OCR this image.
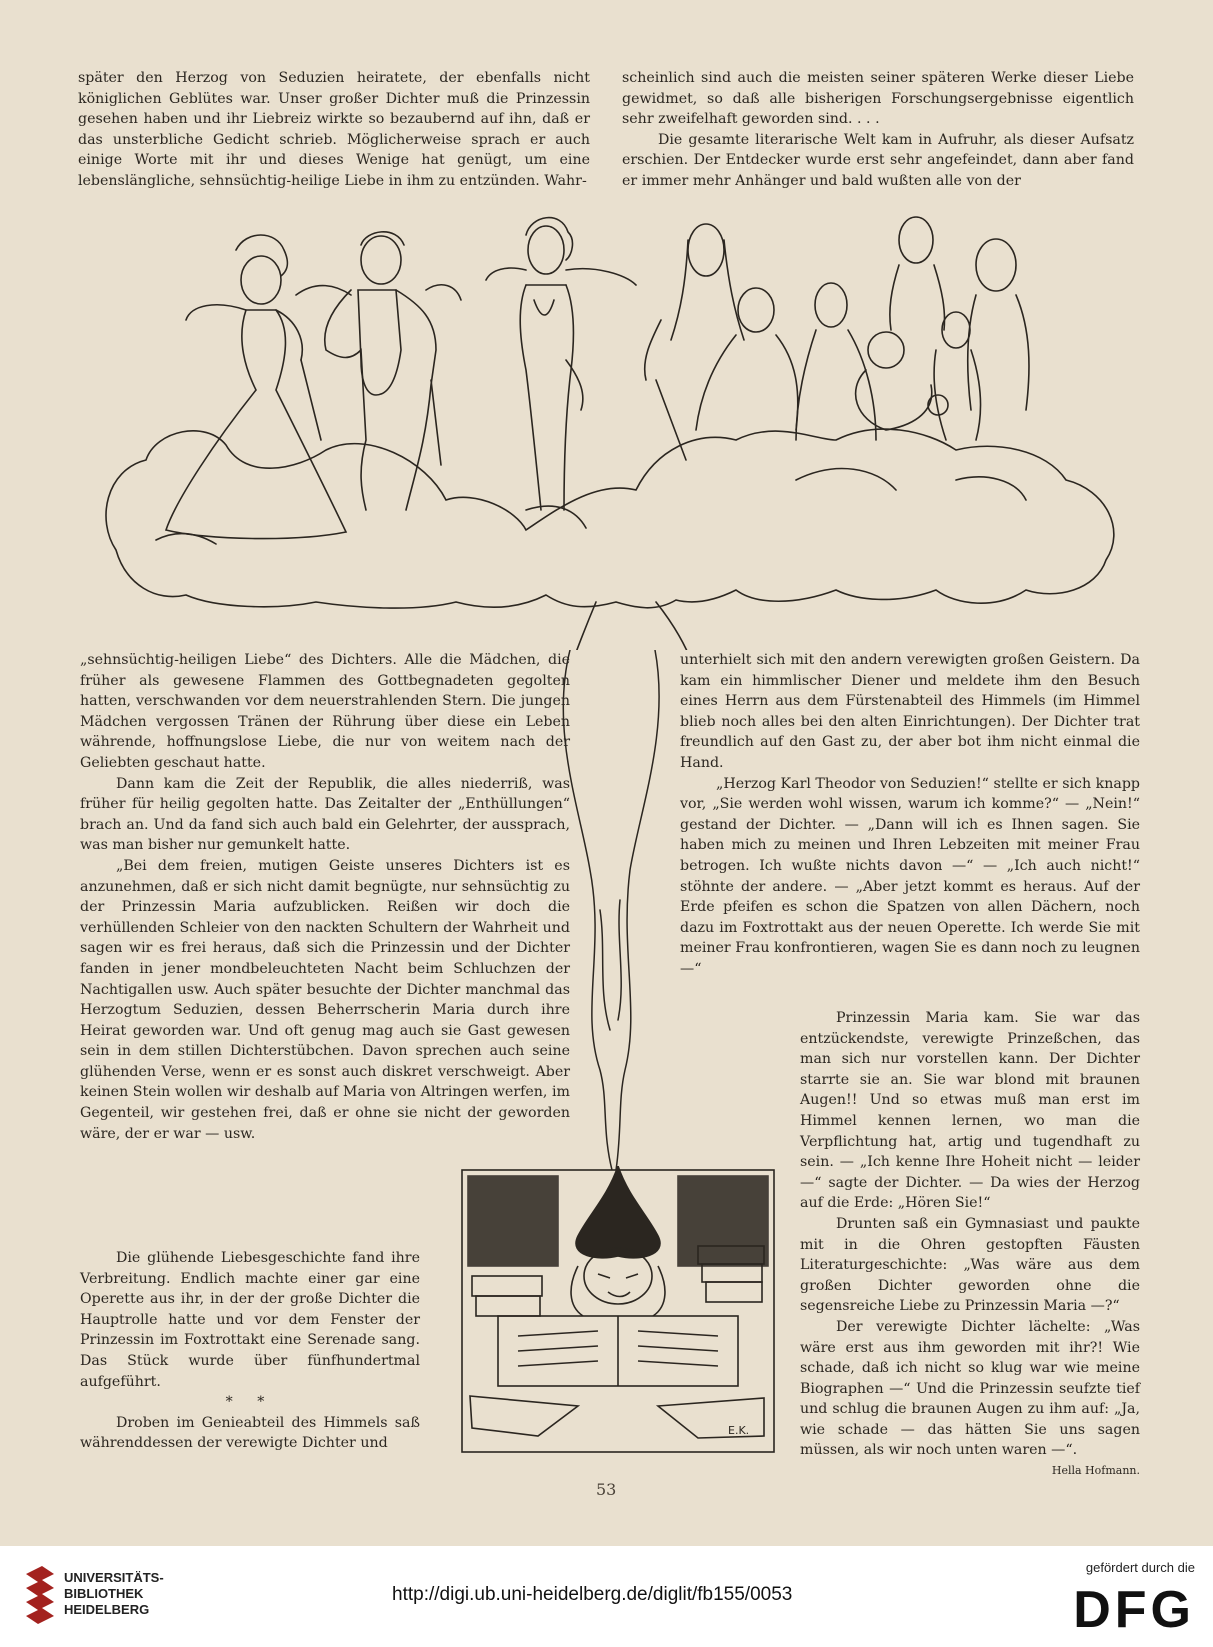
später den Herzog von Seduzien heiratete, der ebenfalls nicht königlichen Geblütes war. Unser großer Dichter muß die Prinzessin gesehen haben und ihr Liebreiz wirkte so bezaubernd auf ihn, daß er das unsterbliche Gedicht schrieb. Möglicherweise sprach er auch einige Worte mit ihr und dieses Wenige hat genügt, um eine lebenslängliche, sehnsüchtig-heilige Liebe in ihm zu entzünden. Wahr-

scheinlich sind auch die meisten seiner späteren Werke dieser Liebe gewidmet, so daß alle bisherigen Forschungsergebnisse eigentlich sehr zweifelhaft geworden sind. . . .

Die gesamte literarische Welt kam in Aufruhr, als dieser Aufsatz erschien. Der Entdecker wurde erst sehr angefeindet, dann aber fand er immer mehr Anhänger und bald wußten alle von der

„sehnsüchtig-heiligen Liebe“ des Dichters. Alle die Mädchen, die früher als gewesene Flammen des Gottbegnadeten gegolten hatten, verschwanden vor dem neuerstrahlenden Stern. Die jungen Mädchen vergossen Tränen der Rührung über diese ein Leben währende, hoffnungslose Liebe, die nur von weitem nach der Geliebten geschaut hatte.

Dann kam die Zeit der Republik, die alles niederriß, was früher für heilig gegolten hatte. Das Zeitalter der „Enthüllungen“ brach an. Und da fand sich auch bald ein Gelehrter, der aussprach, was man bisher nur gemunkelt hatte.

„Bei dem freien, mutigen Geiste unseres Dichters ist es anzunehmen, daß er sich nicht damit begnügte, nur sehnsüchtig zu der Prinzessin Maria aufzublicken. Reißen wir doch die verhüllenden Schleier von den nackten Schultern der Wahrheit und sagen wir es frei heraus, daß sich die Prinzessin und der Dichter fanden in jener mondbeleuchteten Nacht beim Schluchzen der Nachtigallen usw. Auch später besuchte der Dichter manchmal das Herzogtum Seduzien, dessen Beherrscherin Maria durch ihre Heirat geworden war. Und oft genug mag auch sie Gast gewesen sein in dem stillen Dichterstübchen. Davon sprechen auch seine glühenden Verse, wenn er es sonst auch diskret verschweigt. Aber keinen Stein wollen wir deshalb auf Maria von Altringen werfen, im Gegenteil, wir gestehen frei, daß er ohne sie nicht der geworden wäre, der er war — usw.

Die glühende Liebesgeschichte fand ihre Verbreitung. Endlich machte einer gar eine Operette aus ihr, in der der große Dichter die Hauptrolle hatte und vor dem Fenster der Prinzessin im Foxtrottakt eine Serenade sang. Das Stück wurde über fünfhundertmal aufgeführt.

* *

Droben im Genieabteil des Himmels saß währenddessen der verewigte Dichter und

unterhielt sich mit den andern verewigten großen Geistern. Da kam ein himmlischer Diener und meldete ihm den Besuch eines Herrn aus dem Fürstenabteil des Himmels (im Himmel blieb noch alles bei den alten Einrichtungen). Der Dichter trat freundlich auf den Gast zu, der aber bot ihm nicht einmal die Hand.

„Herzog Karl Theodor von Seduzien!“ stellte er sich knapp vor, „Sie werden wohl wissen, warum ich komme?“ — „Nein!“ gestand der Dichter. — „Dann will ich es Ihnen sagen. Sie haben mich zu meinen und Ihren Lebzeiten mit meiner Frau betrogen. Ich wußte nichts davon —“ — „Ich auch nicht!“ stöhnte der andere. — „Aber jetzt kommt es heraus. Auf der Erde pfeifen es schon die Spatzen von allen Dächern, noch dazu im Foxtrottakt aus der neuen Operette. Ich werde Sie mit meiner Frau konfrontieren, wagen Sie es dann noch zu leugnen —“

Prinzessin Maria kam. Sie war das entzückendste, verewigte Prinzeßchen, das man sich nur vorstellen kann. Der Dichter starrte sie an. Sie war blond mit braunen Augen!! Und so etwas muß man erst im Himmel kennen lernen, wo man die Verpflichtung hat, artig und tugendhaft zu sein. — „Ich kenne Ihre Hoheit nicht — leider —“ sagte der Dichter. — Da wies der Herzog auf die Erde: „Hören Sie!“

Drunten saß ein Gymnasiast und paukte mit in die Ohren gestopften Fäusten Literaturgeschichte: „Was wäre aus dem großen Dichter geworden ohne die segensreiche Liebe zu Prinzessin Maria —?“

Der verewigte Dichter lächelte: „Was wäre erst aus ihm geworden mit ihr?! Wie schade, daß ich nicht so klug war wie meine Biographen —“ Und die Prinzessin seufzte tief und schlug die braunen Augen zu ihm auf: „Ja, wie schade — das hätten Sie uns sagen müssen, als wir noch unten waren —“.

Hella Hofmann.

E.K.
53
UNIVERSITÄTS-
BIBLIOTHEK
HEIDELBERG
http://digi.ub.uni-heidelberg.de/diglit/fb155/0053
gefördert durch die
DFG
